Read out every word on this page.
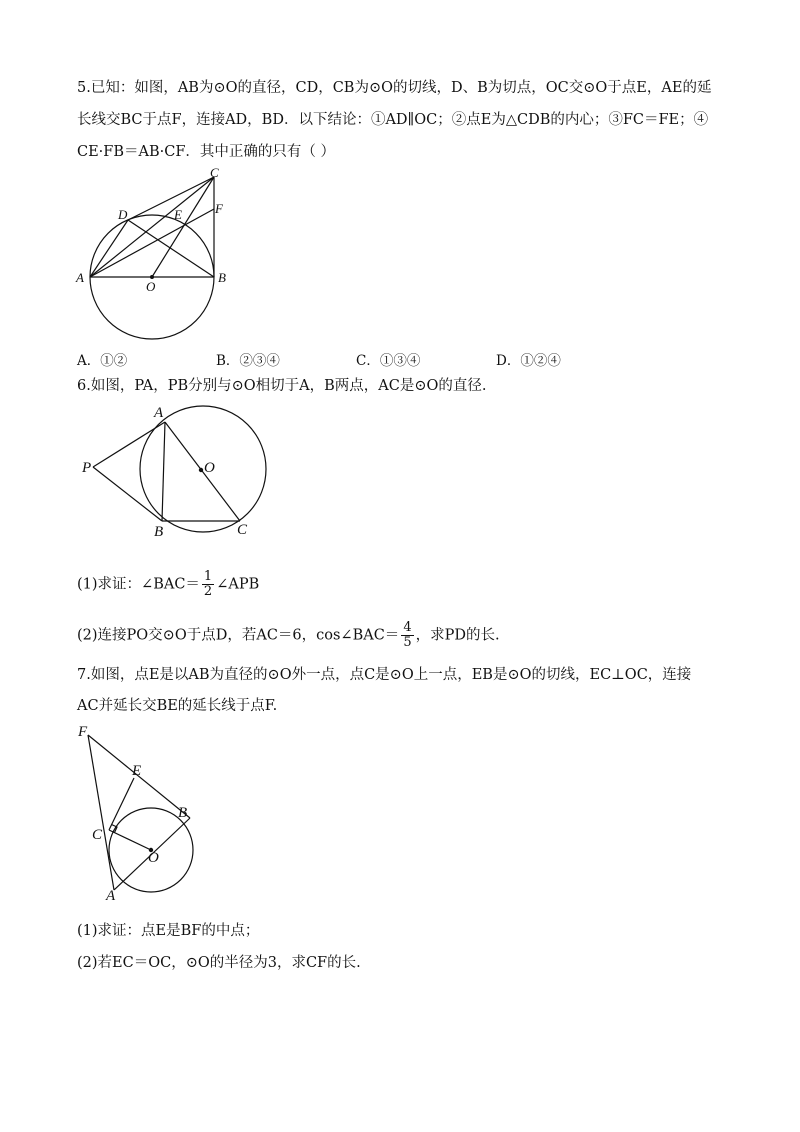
5.已知：如图，AB为⊙O的直径，CD，CB为⊙O的切线，D、B为切点，OC交⊙O于点E，AE的延
长线交BC于点F，连接AD，BD．以下结论：①AD∥OC；②点E为△CDB的内心；③FC＝FE；④
CE·FB＝AB·CF．其中正确的只有（ ）
C
D	E	F
A
O
B
A．①②	B．②③④	C．①③④	D．①②④
6.如图，PA，PB分别与⊙O相切于A，B两点，AC是⊙O的直径.
A
O
P
B	C
(1)求证：∠BAC＝ $\frac{1}{2}$ ∠APB
(2)连接PO交⊙O于点D，若AC＝6，cos∠BAC＝ $\frac{4}{5}$ ，求PD的长.
7.如图，点E是以AB为直径的⊙O外一点，点C是⊙O上一点，EB是⊙O的切线，EC⊥OC，连接
AC并延长交BE的延长线于点F.
F
E
B
C
O
A
(1)求证：点E是BF的中点；
(2)若EC＝OC，⊙O的半径为3，求CF的长.
